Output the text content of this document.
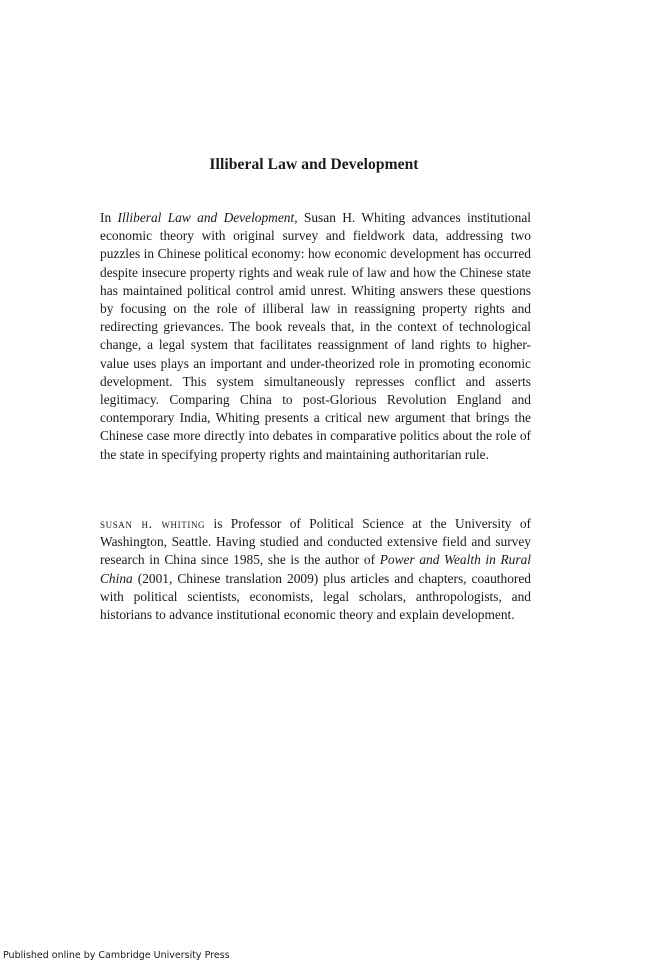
Illiberal Law and Development

In Illiberal Law and Development, Susan H. Whiting advances institutional economic theory with original survey and fieldwork data, addressing two puzzles in Chinese political economy: how economic development has occurred despite insecure property rights and weak rule of law and how the Chinese state has maintained political control amid unrest. Whiting answers these questions by focusing on the role of illiberal law in reassigning property rights and redirecting grievances. The book reveals that, in the context of technological change, a legal system that facilitates reassignment of land rights to higher-value uses plays an important and under-theorized role in promoting economic development. This system simultaneously represses conflict and asserts legitimacy. Comparing China to post-Glorious Revolution England and contemporary India, Whiting presents a critical new argument that brings the Chinese case more directly into debates in comparative politics about the role of the state in specifying property rights and maintaining authoritarian rule.

susan h. whiting is Professor of Political Science at the University of Washington, Seattle. Having studied and conducted extensive field and survey research in China since 1985, she is the author of Power and Wealth in Rural China (2001, Chinese translation 2009) plus articles and chapters, coauthored with political scientists, economists, legal scholars, anthropologists, and historians to advance institutional economic theory and explain development.

Published online by Cambridge University Press
